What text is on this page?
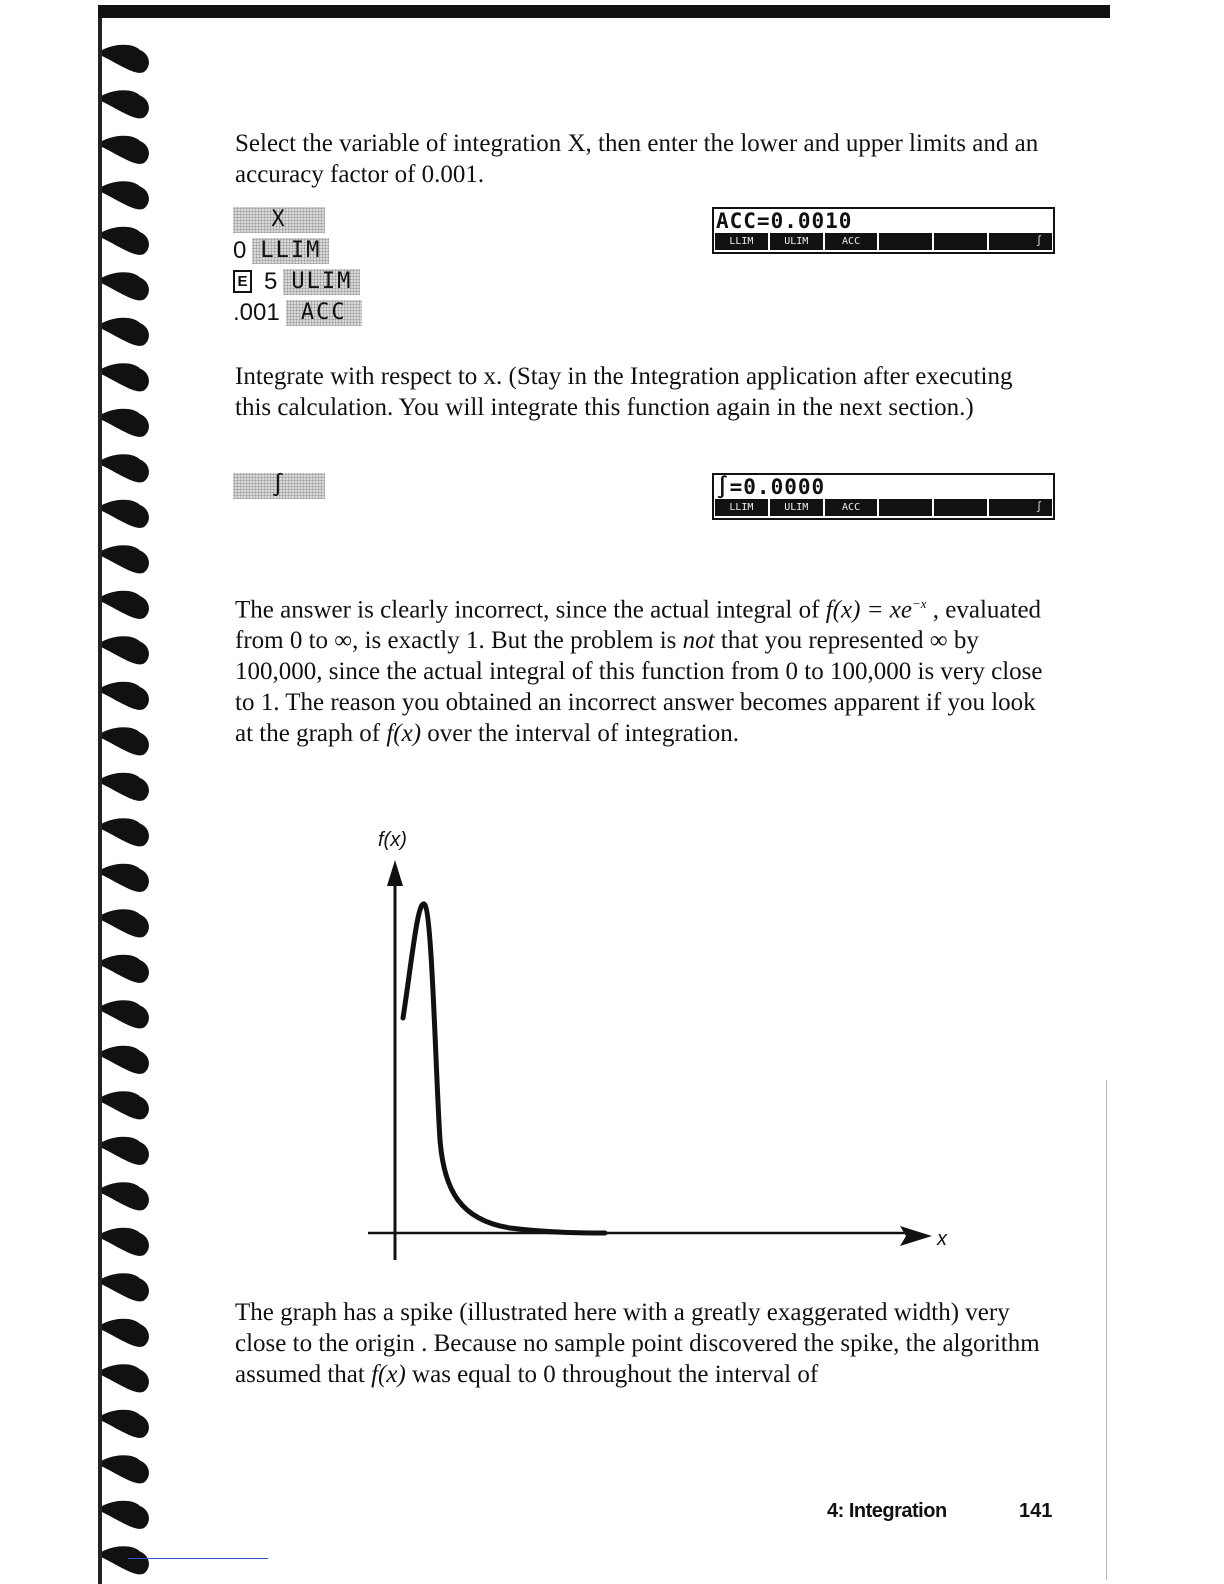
Select the variable of integration X, then enter the lower and upper limits and an accuracy factor of 0.001.

X
0 LLIM
E 5 ULIM
.001 ACC
ACC=0.0010
LLIM	ULIM	ACC	∫

Integrate with respect to x. (Stay in the Integration application after executing this calculation. You will integrate this function again in the next section.)

∫	∫=0.0000
LLIM	ULIM	ACC	∫

The answer is clearly incorrect, since the actual integral of $f(x) = xe^{-x}$ , evaluated from 0 to ∞, is exactly 1. But the problem is not that you represented ∞ by 100,000, since the actual integral of this function from 0 to 100,000 is very close to 1. The reason you obtained an incorrect answer becomes apparent if you look at the graph of f(x) over the interval of integration.

f(x)
x

The graph has a spike (illustrated here with a greatly exaggerated width) very close to the origin . Because no sample point discovered the spike, the algorithm assumed that f(x) was equal to 0 throughout the interval of

4: Integration	141
